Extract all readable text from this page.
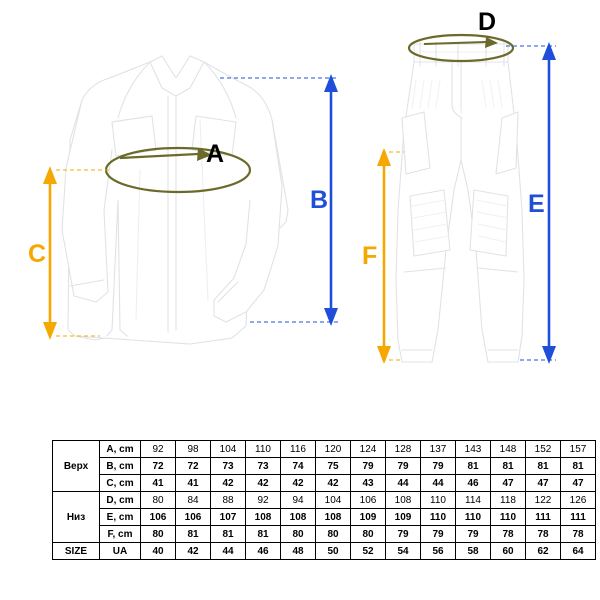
A
B
C
D
E
F
Верх	A, cm	92	98	104	110	116	120	124	128	137	143	148	152	157
	B, cm	72	72	73	73	74	75	79	79	79	81	81	81	81
	C, cm	41	41	42	42	42	42	43	44	44	46	47	47	47
Низ	D, cm	80	84	88	92	94	104	106	108	110	114	118	122	126
	E, cm	106	106	107	108	108	108	109	109	110	110	110	111	111
	F, cm	80	81	81	81	80	80	80	79	79	79	78	78	78
SIZE	UA	40	42	44	46	48	50	52	54	56	58	60	62	64
